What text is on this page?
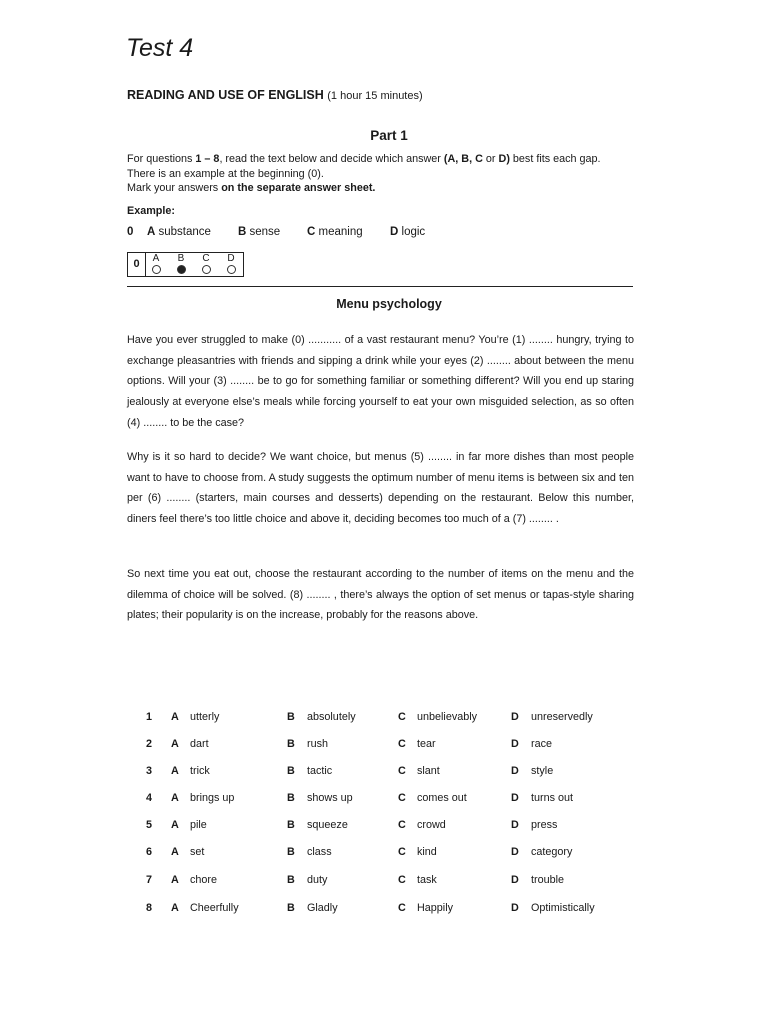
Test 4
READING AND USE OF ENGLISH (1 hour 15 minutes)
Part 1

For questions 1 – 8, read the text below and decide which answer (A, B, C or D) best fits each gap.

There is an example at the beginning (0).

Mark your answers on the separate answer sheet.

Example:
0 A substance B sense C meaning D logic
0	A	B	C	D
Menu psychology

Have you ever struggled to make (0) ........... of a vast restaurant menu? You’re (1) ........ hungry, trying to exchange pleasantries with friends and sipping a drink while your eyes (2) ........ about between the menu options. Will your (3) ........ be to go for something familiar or something different? Will you end up staring jealously at everyone else’s meals while forcing yourself to eat your own misguided selection, as so often (4) ........ to be the case?

Why is it so hard to decide? We want choice, but menus (5) ........ in far more dishes than most people want to have to choose from. A study suggests the optimum number of menu items is between six and ten per (6) ........ (starters, main courses and desserts) depending on the restaurant. Below this number, diners feel there’s too little choice and above it, deciding becomes too much of a (7) ........ .

So next time you eat out, choose the restaurant according to the number of items on the menu and the dilemma of choice will be solved. (8) ........ , there’s always the option of set menus or tapas-style sharing plates; their popularity is on the increase, probably for the reasons above.

1 A utterly	B absolutely	C unbelievably	D unreservedly
2 A dart	B rush	C tear	D race
3 A trick	B tactic	C slant	D style
4 A brings up	B shows up	C comes out	D turns out
5 A pile	B squeeze	C crowd	D press
6 A set	B class	C kind	D category
7 A chore	B duty	C task	D trouble
8 A Cheerfully	B Gladly	C Happily	D Optimistically
